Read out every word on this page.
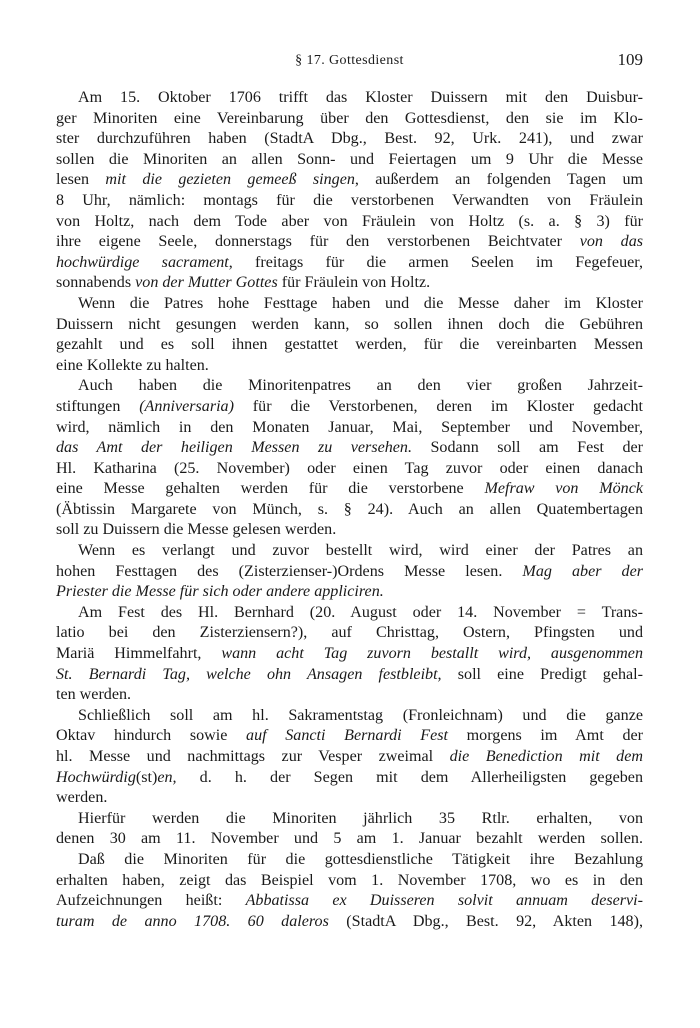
§ 17. Gottesdienst	109
Am 15. Oktober 1706 trifft das Kloster Duissern mit den Duisbur-
ger Minoriten eine Vereinbarung über den Gottesdienst, den sie im Klo-
ster durchzuführen haben (StadtA Dbg., Best. 92, Urk. 241), und zwar
sollen die Minoriten an allen Sonn- und Feiertagen um 9 Uhr die Messe
lesen mit die gezieten gemeeß singen, außerdem an folgenden Tagen um
8 Uhr, nämlich: montags für die verstorbenen Verwandten von Fräulein
von Holtz, nach dem Tode aber von Fräulein von Holtz (s. a. § 3) für
ihre eigene Seele, donnerstags für den verstorbenen Beichtvater von das
hochwürdige sacrament, freitags für die armen Seelen im Fegefeuer,
sonnabends von der Mutter Gottes für Fräulein von Holtz.
Wenn die Patres hohe Festtage haben und die Messe daher im Kloster
Duissern nicht gesungen werden kann, so sollen ihnen doch die Gebühren
gezahlt und es soll ihnen gestattet werden, für die vereinbarten Messen
eine Kollekte zu halten.
Auch haben die Minoritenpatres an den vier großen Jahrzeit-
stiftungen (Anniversaria) für die Verstorbenen, deren im Kloster gedacht
wird, nämlich in den Monaten Januar, Mai, September und November,
das Amt der heiligen Messen zu versehen. Sodann soll am Fest der
Hl. Katharina (25. November) oder einen Tag zuvor oder einen danach
eine Messe gehalten werden für die verstorbene Mefraw von Mönck
(Äbtissin Margarete von Münch, s. § 24). Auch an allen Quatembertagen
soll zu Duissern die Messe gelesen werden.
Wenn es verlangt und zuvor bestellt wird, wird einer der Patres an
hohen Festtagen des (Zisterzienser-)Ordens Messe lesen. Mag aber der
Priester die Messe für sich oder andere appliciren.
Am Fest des Hl. Bernhard (20. August oder 14. November = Trans-
latio bei den Zisterziensern?), auf Christtag, Ostern, Pfingsten und
Mariä Himmelfahrt, wann acht Tag zuvorn bestallt wird, ausgenommen
St. Bernardi Tag, welche ohn Ansagen festbleibt, soll eine Predigt gehal-
ten werden.
Schließlich soll am hl. Sakramentstag (Fronleichnam) und die ganze
Oktav hindurch sowie auf Sancti Bernardi Fest morgens im Amt der
hl. Messe und nachmittags zur Vesper zweimal die Benediction mit dem
Hochwürdig(st)en, d. h. der Segen mit dem Allerheiligsten gegeben
werden.
Hierfür werden die Minoriten jährlich 35 Rtlr. erhalten, von
denen 30 am 11. November und 5 am 1. Januar bezahlt werden sollen.
Daß die Minoriten für die gottesdienstliche Tätigkeit ihre Bezahlung
erhalten haben, zeigt das Beispiel vom 1. November 1708, wo es in den
Aufzeichnungen heißt: Abbatissa ex Duisseren solvit annuam deservi-
turam de anno 1708. 60 daleros (StadtA Dbg., Best. 92, Akten 148),
